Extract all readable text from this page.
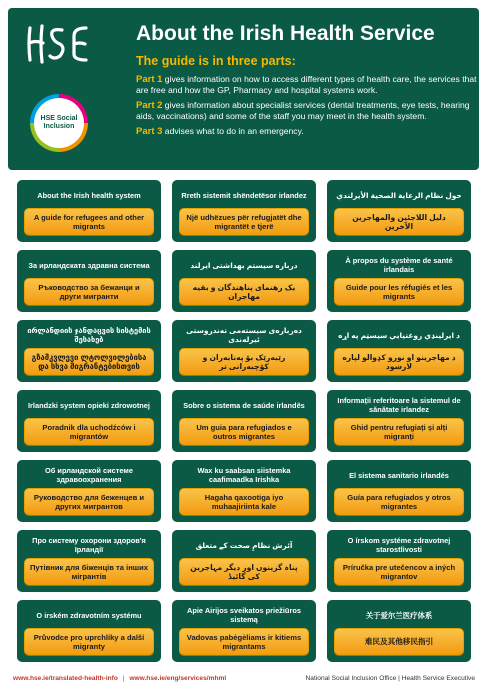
HSE Social Inclusion
About the Irish Health Service
The guide is in three parts:

Part 1 gives information on how to access different types of health care, the services that are free and how the GP, Pharmacy and hospital systems work.

Part 2 gives information about specialist services (dental treatments, eye tests, hearing aids, vaccinations) and some of the staff you may meet in the health system.

Part 3 advises what to do in an emergency.

About the Irish health system
A guide for refugees and other migrants
Rreth sistemit shëndetësor irlandez
Një udhëzues për refugjatët dhe migrantët e tjerë
حول نظام الرعاية الصحية الأيرلندي
دليل اللاجئين والمهاجرين الآخرين
За ирландската здравна система
Ръководство за бежанци и други мигранти
درباره سیستم بهداشتی ایرلند
یک رهنمای پناهندگان و بقیه مهاجران
À propos du système de santé irlandais
Guide pour les réfugiés et les migrants
ირლანდიის ჯანდაცვის სისტემის შესახებ
გზამკვლევი ლტოლვილებისა და სხვა მიგრანტებისთვის
دەربارەی سیستەمی تەندروستی ئیرلەندی
رێبەرێک بۆ پەنابەران و کۆچبەرانی تر
د ایرلینډي روغتیایي سیسټم په اړه
د مهاجرینو او نورو کډوالو لپاره لارښود
Irlandzki system opieki zdrowotnej
Poradnik dla uchodźców i migrantów
Sobre o sistema de saúde irlandês
Um guia para refugiados e outros migrantes
Informații referitoare la sistemul de sănătate irlandez
Ghid pentru refugiați și alți migranți
Об ирландской системе здравоохранения
Руководство для беженцев и других мигрантов
Wax ku saabsan siistemka caafimaadka Irishka
Hagaha qaxootiga iyo muhaajiriinta kale
El sistema sanitario irlandés
Guía para refugiados y otros migrantes
Про систему охорони здоров'я Ірландії
Путівник для біженців та інших мігрантів
آئرش نظامِ صحت کے متعلق
پناہ گزینوں اور دیگر مہاجرین کی گائیڈ
O írskom systéme zdravotnej starostlivosti
Príručka pre utečencov a iných migrantov
O irském zdravotním systému
Průvodce pro uprchlíky a další migranty
Apie Airijos sveikatos priežiūros sistemą
Vadovas pabėgėliams ir kitiems migrantams
关于爱尔兰医疗体系
难民及其他移民指引
www.hse.ie/translated-health-info | www.hse.ie/eng/services/mhml	National Social Inclusion Office | Health Service Executive
